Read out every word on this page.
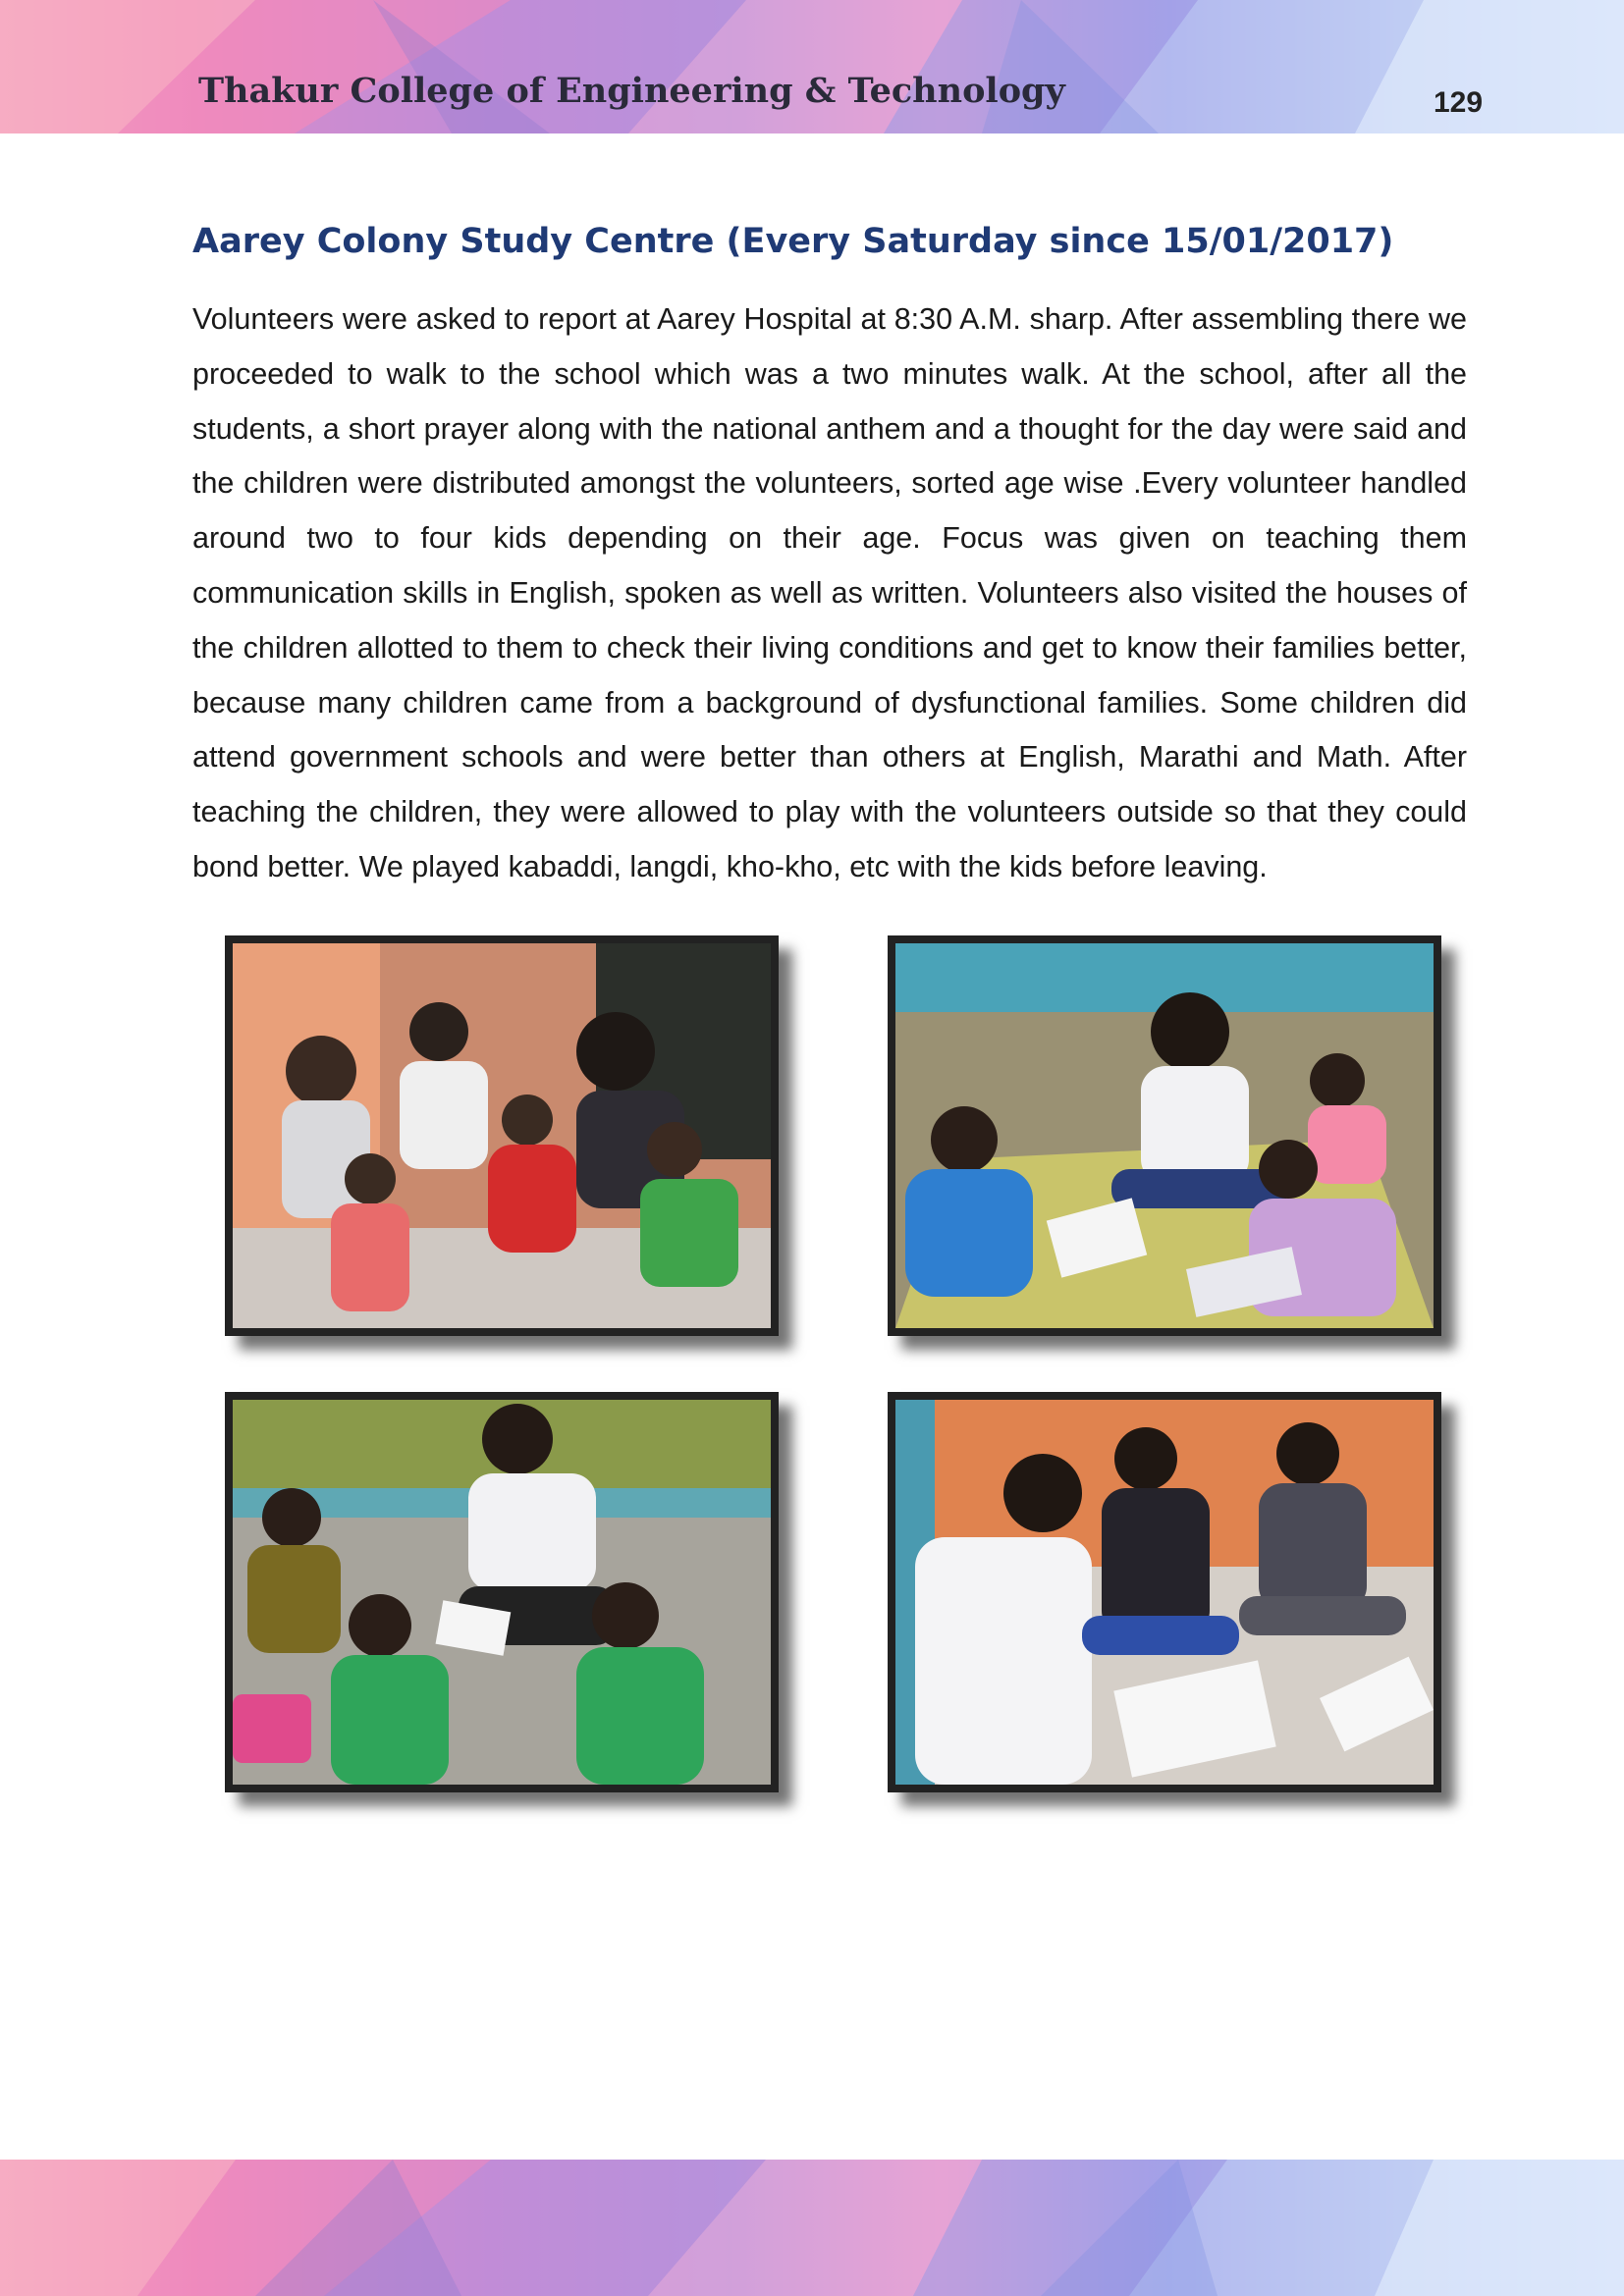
Thakur College of Engineering & Technology	129
Aarey Colony Study Centre (Every Saturday since 15/01/2017)

Volunteers were asked to report at Aarey Hospital at 8:30 A.M. sharp. After assembling there we proceeded to walk to the school which was a two minutes walk. At the school, after all the students, a short prayer along with the national anthem and a thought for the day were said and the children were distributed amongst the volunteers, sorted age wise .Every volunteer handled around two to four kids depending on their age. Focus was given on teaching them communication skills in English, spoken as well as written. Volunteers also visited the houses of the children allotted to them to check their living conditions and get to know their families better, because many children came from a background of dysfunctional families. Some children did attend government schools and were better than others at English, Marathi and Math. After teaching the children, they were allowed to play with the volunteers outside so that they could bond better. We played kabaddi, langdi, kho-kho, etc with the kids before leaving.
